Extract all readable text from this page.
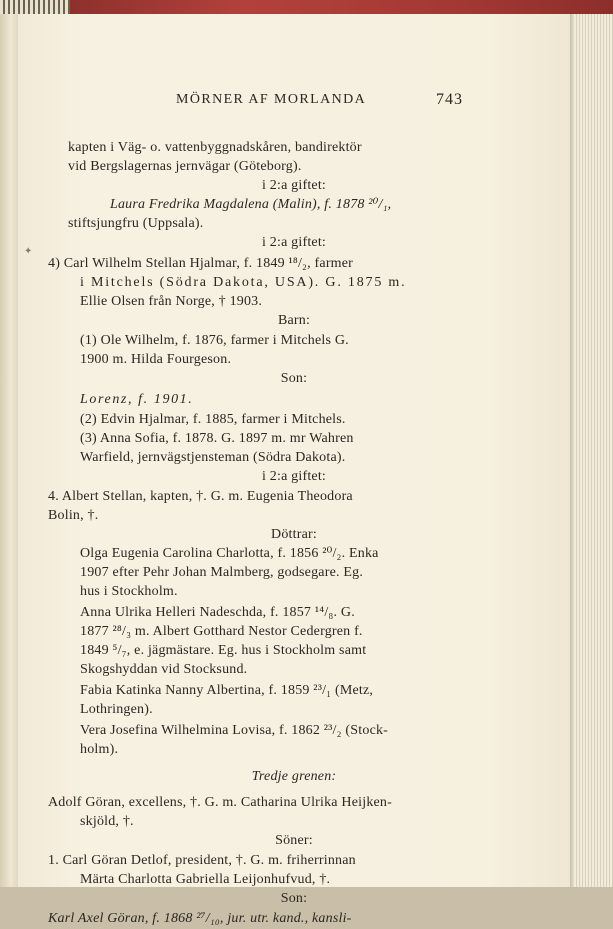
✦
MÖRNER AF MORLANDA	743
kapten i Väg- o. vattenbyggnadskåren, bandirektör
vid Bergslagernas jernvägar (Göteborg).
i 2:a giftet:
Laura Fredrika Magdalena (Malin), f. 1878 ²⁰/₁,
stiftsjungfru (Uppsala).
i 2:a giftet:
4) Carl Wilhelm Stellan Hjalmar, f. 1849 ¹⁸/₂, farmer
i Mitchels (Södra Dakota, USA). G. 1875 m.
Ellie Olsen från Norge, † 1903.
Barn:
(1) Ole Wilhelm, f. 1876, farmer i Mitchels G.
1900 m. Hilda Fourgeson.
Son:
Lorenz, f. 1901.
(2) Edvin Hjalmar, f. 1885, farmer i Mitchels.
(3) Anna Sofia, f. 1878. G. 1897 m. mr Wahren
Warfield, jernvägstjensteman (Södra Dakota).
i 2:a giftet:
4. Albert Stellan, kapten, †. G. m. Eugenia Theodora
Bolin, †.
Döttrar:
Olga Eugenia Carolina Charlotta, f. 1856 ²⁰/₂. Enka
1907 efter Pehr Johan Malmberg, godsegare. Eg.
hus i Stockholm.
Anna Ulrika Helleri Nadeschda, f. 1857 ¹⁴/₈. G.
1877 ²⁸/₃ m. Albert Gotthard Nestor Cedergren f.
1849 ⁵/₇, e. jägmästare. Eg. hus i Stockholm samt
Skogshyddan vid Stocksund.
Fabia Katinka Nanny Albertina, f. 1859 ²³/₁ (Metz,
Lothringen).
Vera Josefina Wilhelmina Lovisa, f. 1862 ²³/₂ (Stock-
holm).
Tredje grenen:
Adolf Göran, excellens, †. G. m. Catharina Ulrika Heijken-
skjöld, †.
Söner:
1. Carl Göran Detlof, president, †. G. m. friherrinnan
Märta Charlotta Gabriella Leijonhufvud, †.
Son:
Karl Axel Göran, f. 1868 ²⁷/₁₀, jur. utr. kand., kansli-
